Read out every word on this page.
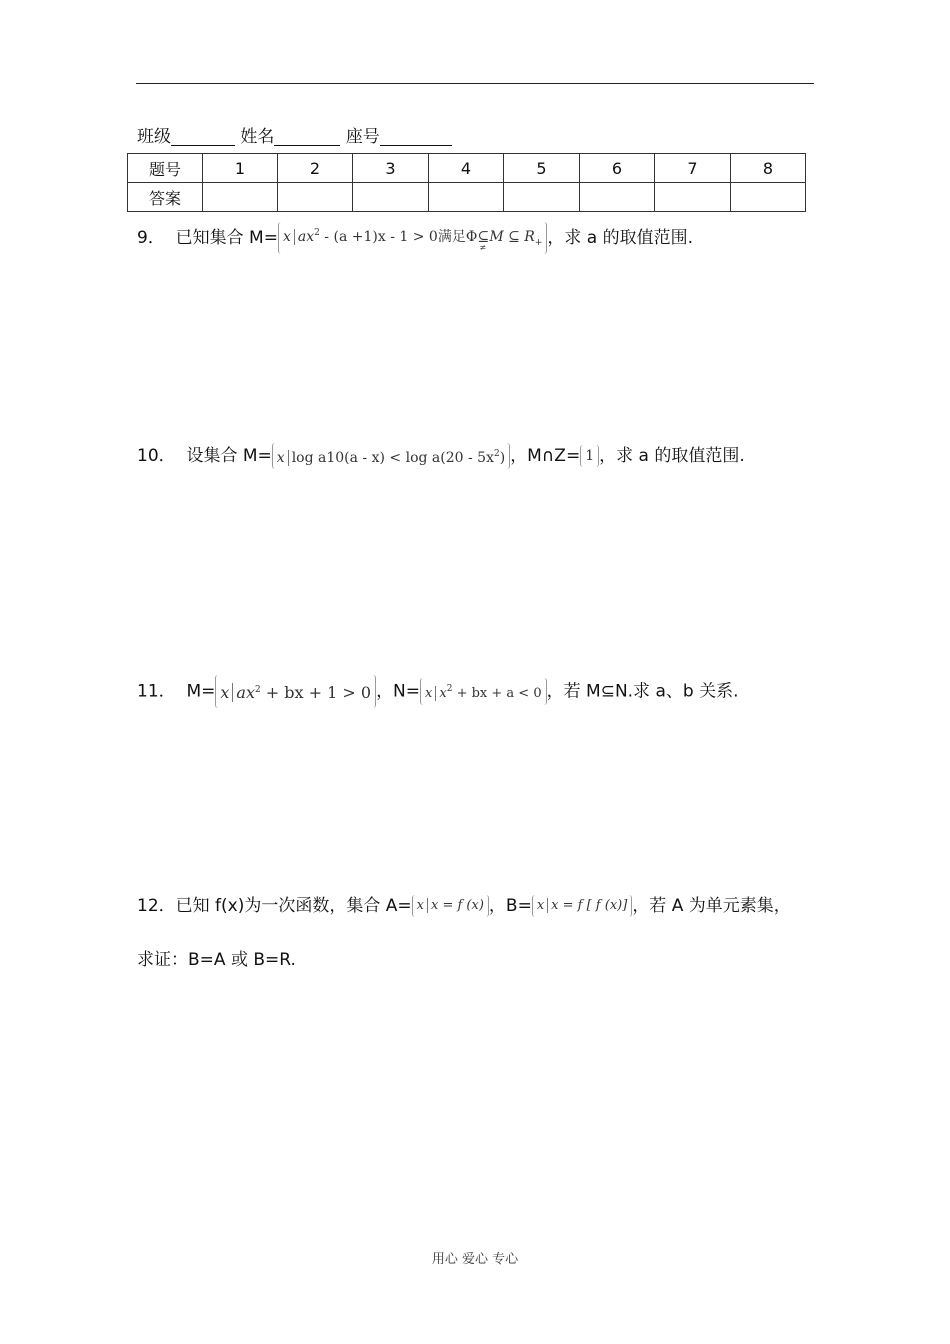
班级	姓名	座号
题号	1	2	3	4	5	6	7	8
答案								
9． 已知集合 M= x $ax^2 - (a +1)x - 1 > 0$满足Φ⊆
≠
M ⊆ $R_+$ ，求 a 的取值范围.
10． 设集合 M= x $\log a10(a - x) < \log a(20 - 5x^2)$ ，M∩Z= 1 ，求 a 的取值范围.
11． M= x $ax^2$ + bx + 1 > 0 ，N= x $x^2$ + bx + a < 0 ，若 M⊆N.求 a、b 关系.
12．已知 f(x)为一次函数，集合 A= x x = f (x) ，B= x x = f [ f (x)] ，若 A 为单元素集，
求证：B=A 或 B=R.
用心 爱心 专心
